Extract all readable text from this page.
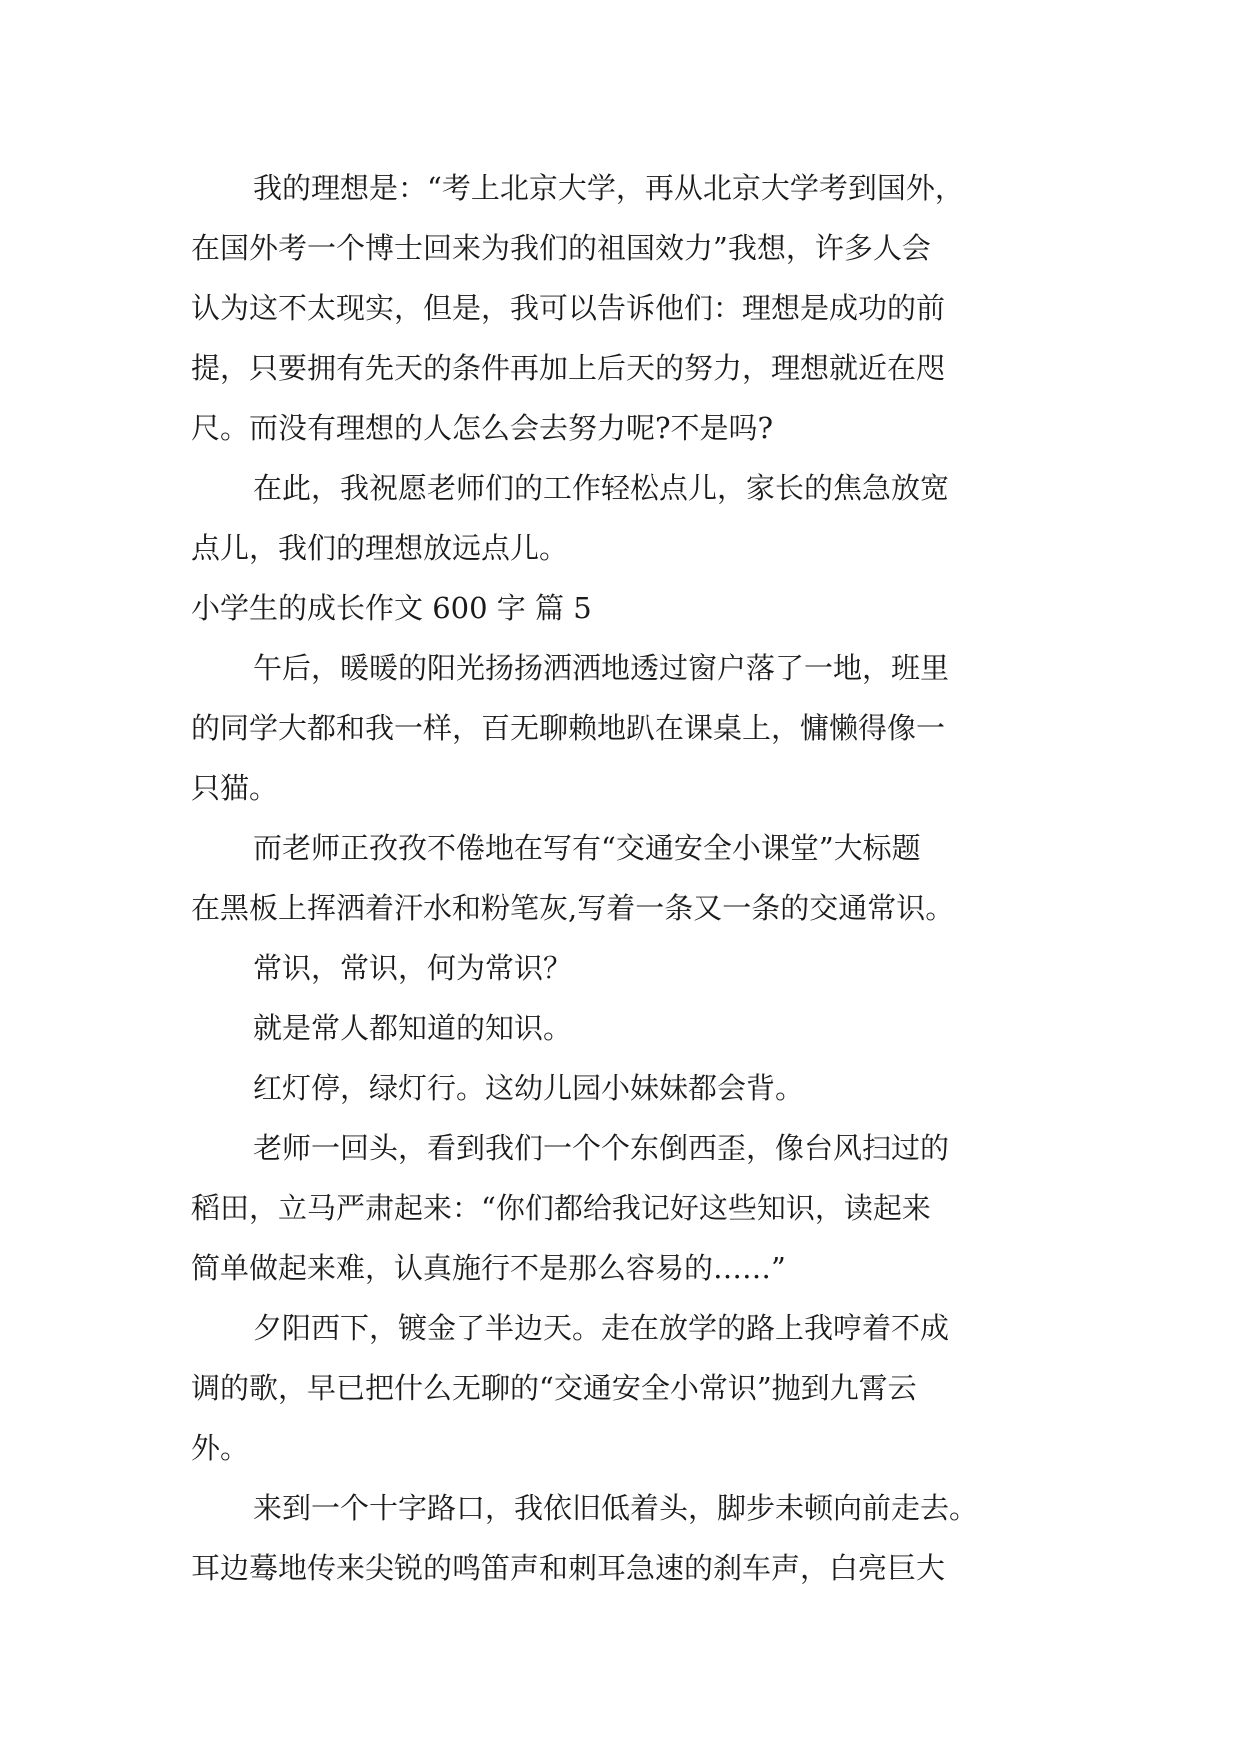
我的理想是：“考上北京大学，再从北京大学考到国外，
在国外考一个博士回来为我们的祖国效力”我想，许多人会
认为这不太现实，但是，我可以告诉他们：理想是成功的前
提，只要拥有先天的条件再加上后天的努力，理想就近在咫
尺。而没有理想的人怎么会去努力呢?不是吗?
在此，我祝愿老师们的工作轻松点儿，家长的焦急放宽
点儿，我们的理想放远点儿。
小学生的成长作文 600 字 篇 5
午后，暖暖的阳光扬扬洒洒地透过窗户落了一地，班里
的同学大都和我一样，百无聊赖地趴在课桌上，慵懒得像一
只猫。
而老师正孜孜不倦地在写有“交通安全小课堂”大标题
在黑板上挥洒着汗水和粉笔灰,写着一条又一条的交通常识。
常识，常识，何为常识？
就是常人都知道的知识。
红灯停，绿灯行。这幼儿园小妹妹都会背。
老师一回头，看到我们一个个东倒西歪，像台风扫过的
稻田，立马严肃起来：“你们都给我记好这些知识，读起来
简单做起来难，认真施行不是那么容易的……”
夕阳西下，镀金了半边天。走在放学的路上我哼着不成
调的歌，早已把什么无聊的“交通安全小常识”抛到九霄云
外。
来到一个十字路口，我依旧低着头，脚步未顿向前走去。
耳边蓦地传来尖锐的鸣笛声和刺耳急速的刹车声，白亮巨大
